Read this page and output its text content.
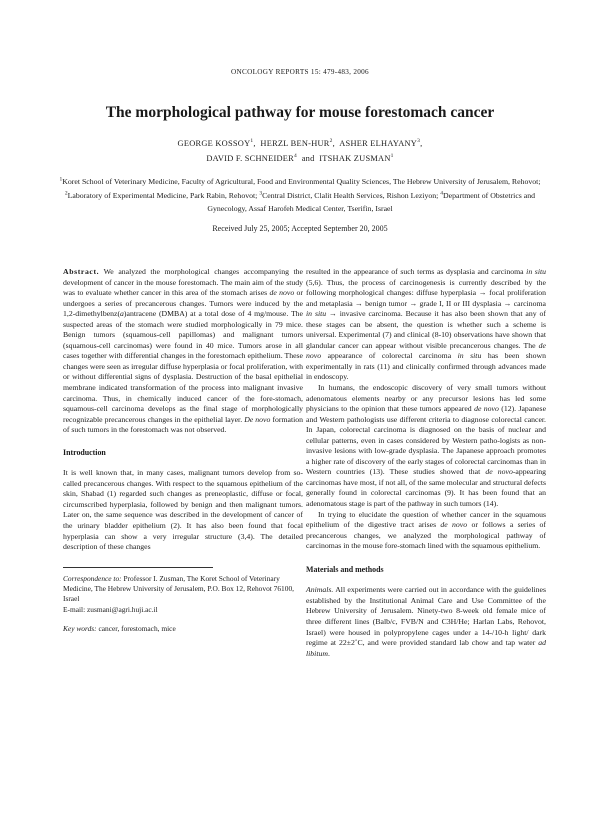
ONCOLOGY REPORTS 15: 479-483, 2006
The morphological pathway for mouse forestomach cancer
GEORGE KOSSOY$^1$,  HERZL BEN-HUR$^2$,  ASHER ELHAYANY$^3$,
DAVID F. SCHNEIDER$^4$ and ITSHAK ZUSMAN$^1$
$^1$Koret School of Veterinary Medicine, Faculty of Agricultural, Food and Environmental Quality Sciences, The Hebrew University of Jerusalem, Rehovot; $^2$Laboratory of Experimental Medicine, Park Rabin, Rehovot; $^3$Central District, Clalit Health Services, Rishon Leziyon; $^4$Department of Obstetrics and Gynecology, Assaf Harofeh Medical Center, Tserifin, Israel
Received July 25, 2005; Accepted September 20, 2005

Abstract. We analyzed the morphological changes accompanying the development of cancer in the mouse forestomach. The main aim of the study was to evaluate whether cancer in this area of the stomach arises de novo or undergoes a series of precancerous changes. Tumors were induced by the 1,2-dimethylbenz(a)antracene (DMBA) at a total dose of 4 mg/mouse. The suspected areas of the stomach were studied morphologically in 79 mice. Benign tumors (squamous-cell papillomas) and malignant tumors (squamous-cell carcinomas) were found in 40 mice. Tumors arose in all cases together with differential changes in the forestomach epithelium. These changes were seen as irregular diffuse hyperplasia or focal proliferation, with or without differential signs of dysplasia. Destruction of the basal epithelial membrane indicated transformation of the process into malignant invasive carcinoma. Thus, in chemically induced cancer of the fore-stomach, squamous-cell carcinoma develops as the final stage of morphologically recognizable precancerous changes in the epithelial layer. De novo formation of such tumors in the forestomach was not observed.

Introduction

It is well known that, in many cases, malignant tumors develop from so-called precancerous changes. With respect to the squamous epithelium of the skin, Shabad (1) regarded such changes as preneoplastic, diffuse or focal, circumscribed hyperplasia, followed by benign and then malignant tumors. Later on, the same sequence was described in the development of cancer of the urinary bladder epithelium (2). It has also been found that focal hyperplasia can show a very irregular structure (3,4). The detailed description of these changes

Correspondence to: Professor I. Zusman, The Koret School of Veterinary Medicine, The Hebrew University of Jerusalem, P.O. Box 12, Rehovot 76100, Israel

E-mail: zusmani@agri.huji.ac.il

Key words: cancer, forestomach, mice

resulted in the appearance of such terms as dysplasia and carcinoma in situ (5,6). Thus, the process of carcinogenesis is currently described by the following morphological changes: diffuse hyperplasia → focal proliferation and metaplasia → benign tumor → grade I, II or III dysplasia → carcinoma in situ → invasive carcinoma. Because it has also been shown that any of these stages can be absent, the question is whether such a scheme is universal. Experimental (7) and clinical (8-10) observations have shown that glandular cancer can appear without visible precancerous changes. The de novo appearance of colorectal carcinoma in situ has been shown experimentally in rats (11) and clinically confirmed through advances made in endoscopy.

In humans, the endoscopic discovery of very small tumors without adenomatous elements nearby or any precursor lesions has led some physicians to the opinion that these tumors appeared de novo (12). Japanese and Western pathologists use different criteria to diagnose colorectal cancer. In Japan, colorectal carcinoma is diagnosed on the basis of nuclear and cellular patterns, even in cases considered by Western patho-logists as non-invasive lesions with low-grade dysplasia. The Japanese approach promotes a higher rate of discovery of the early stages of colorectal carcinomas than in Western countries (13). These studies showed that de novo-appearing carcinomas have most, if not all, of the same molecular and structural defects generally found in colorectal carcinomas (9). It has been found that an adenomatous stage is part of the pathway in such tumors (14).

In trying to elucidate the question of whether cancer in the squamous epithelium of the digestive tract arises de novo or follows a series of precancerous changes, we analyzed the morphological pathway of carcinomas in the mouse fore-stomach lined with the squamous epithelium.

Materials and methods

Animals. All experiments were carried out in accordance with the guidelines established by the Institutional Animal Care and Use Committee of the Hebrew University of Jerusalem. Ninety-two 8-week old female mice of three different lines (Balb/c, FVB/N and C3H/He; Harlan Labs, Rehovot, Israel) were housed in polypropylene cages under a 14-/10-h light/ dark regime at 22±2˚C, and were provided standard lab chow and tap water ad libitum.
